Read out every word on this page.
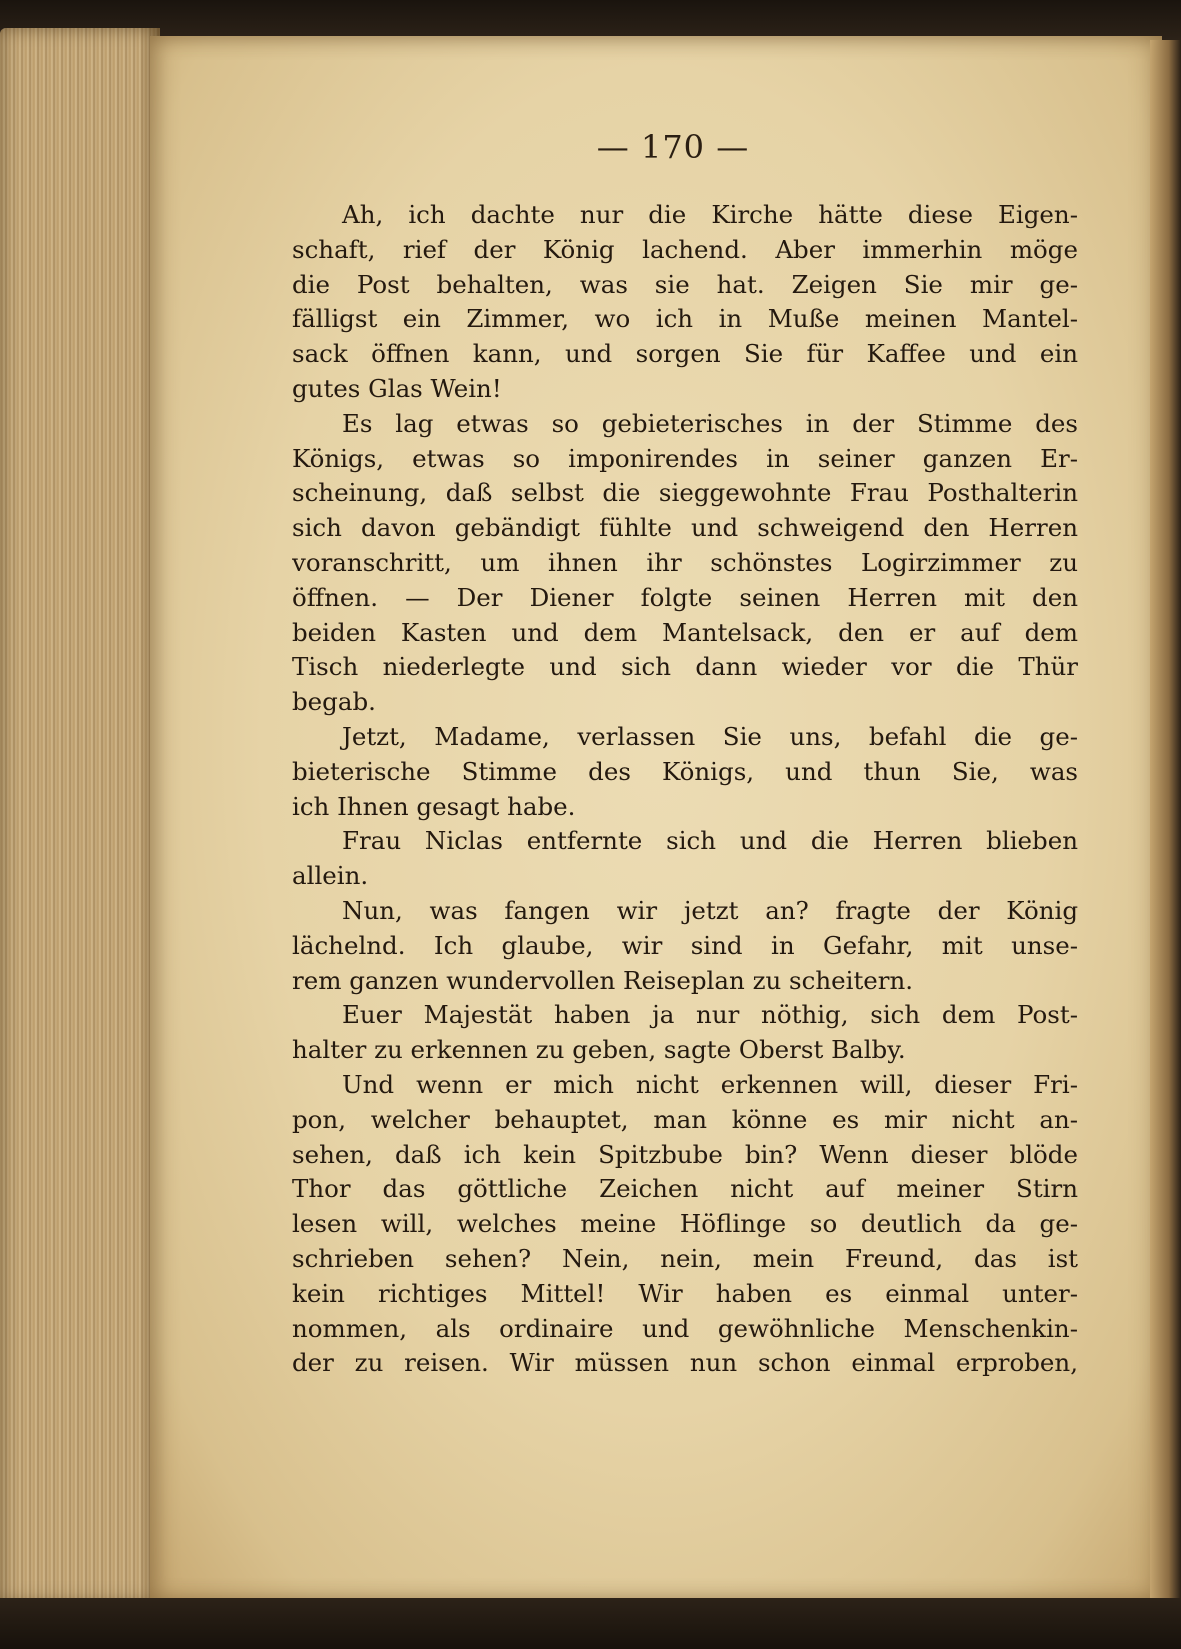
— 170 —

Ah, ich dachte nur die Kirche hätte diese Eigen-
schaft, rief der König lachend. Aber immerhin möge
die Post behalten, was sie hat. Zeigen Sie mir ge-
fälligst ein Zimmer, wo ich in Muße meinen Mantel-
sack öffnen kann, und sorgen Sie für Kaffee und ein
gutes Glas Wein!

Es lag etwas so gebieterisches in der Stimme des
Königs, etwas so imponirendes in seiner ganzen Er-
scheinung, daß selbst die sieggewohnte Frau Posthalterin
sich davon gebändigt fühlte und schweigend den Herren
voranschritt, um ihnen ihr schönstes Logirzimmer zu
öffnen. — Der Diener folgte seinen Herren mit den
beiden Kasten und dem Mantelsack, den er auf dem
Tisch niederlegte und sich dann wieder vor die Thür
begab.

Jetzt, Madame, verlassen Sie uns, befahl die ge-
bieterische Stimme des Königs, und thun Sie, was
ich Ihnen gesagt habe.

Frau Niclas entfernte sich und die Herren blieben
allein.

Nun, was fangen wir jetzt an? fragte der König
lächelnd. Ich glaube, wir sind in Gefahr, mit unse-
rem ganzen wundervollen Reiseplan zu scheitern.

Euer Majestät haben ja nur nöthig, sich dem Post-
halter zu erkennen zu geben, sagte Oberst Balby.

Und wenn er mich nicht erkennen will, dieser Fri-
pon, welcher behauptet, man könne es mir nicht an-
sehen, daß ich kein Spitzbube bin? Wenn dieser blöde
Thor das göttliche Zeichen nicht auf meiner Stirn
lesen will, welches meine Höflinge so deutlich da ge-
schrieben sehen? Nein, nein, mein Freund, das ist
kein richtiges Mittel! Wir haben es einmal unter-
nommen, als ordinaire und gewöhnliche Menschenkin-
der zu reisen. Wir müssen nun schon einmal erproben,
